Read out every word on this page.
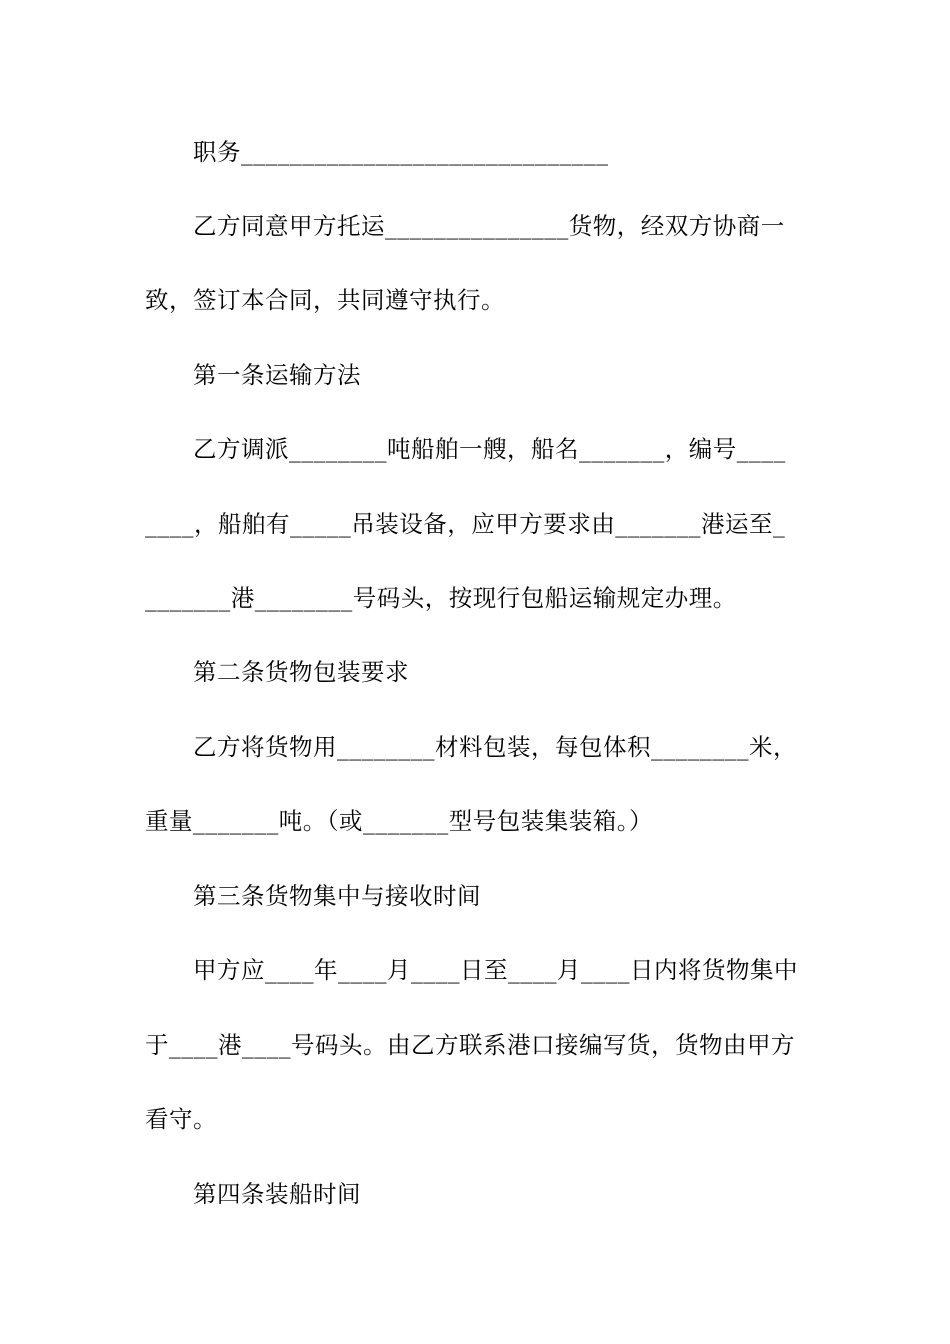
职务______________________________
乙方同意甲方托运_______________货物，经双方协商一
致，签订本合同，共同遵守执行。
第一条运输方法
乙方调派________吨船舶一艘，船名_______，编号____
____，船舶有_____吊装设备，应甲方要求由_______港运至_
_______港________号码头，按现行包船运输规定办理。
第二条货物包装要求
乙方将货物用________材料包装，每包体积________米，
重量_______吨。（或_______型号包装集装箱。）
第三条货物集中与接收时间
甲方应____年____月____日至____月____日内将货物集中
于____港____号码头。由乙方联系港口接编写货，货物由甲方
看守。
第四条装船时间
